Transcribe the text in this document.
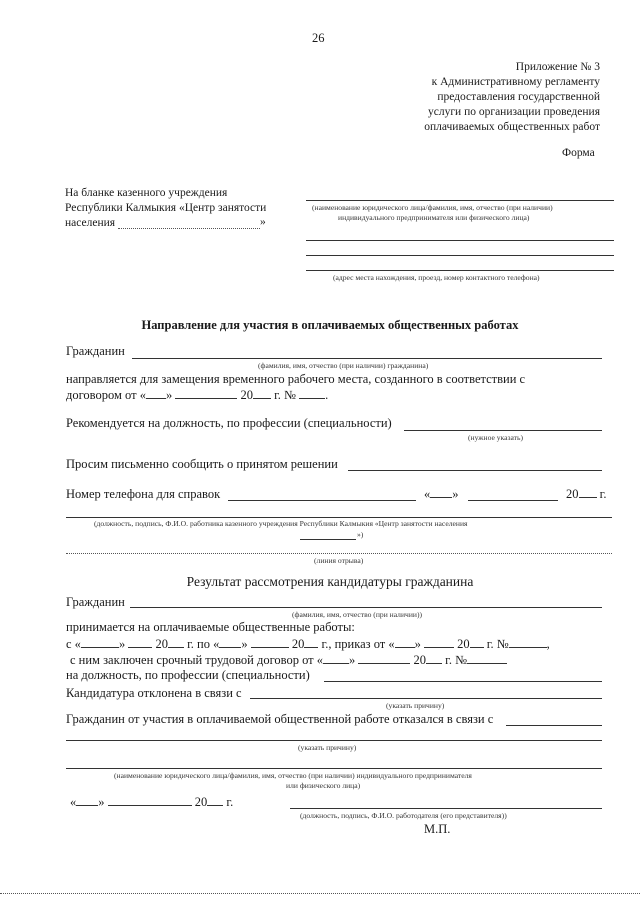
26
Приложение № 3
к Административному регламенту
предоставления государственной
услуги по организации проведения
оплачиваемых общественных работ
Форма
На бланке казенного учреждения
Республики Калмыкия «Центр занятости
населения	»
(наименование юридического лица/фамилия, имя, отчество (при наличии)
индивидуального предпринимателя или физического лица)
(адрес места нахождения, проезд, номер контактного телефона)
Направление для участия в оплачиваемых общественных работах
Гражданин
(фамилия, имя, отчество (при наличии) гражданина)
направляется для замещения временного рабочего места, созданного в соответствии с
договором от « »	20 г. № .
Рекомендуется на должность, по профессии (специальности)
(нужное указать)
Просим письменно сообщить о принятом решении
Номер телефона для справок	« »	20 г.
(должность, подпись, Ф.И.О. работника казенного учреждения Республики Калмыкия «Центр занятости населения
»)
(линия отрыва)
Результат рассмотрения кандидатуры гражданина
Гражданин
(фамилия, имя, отчество (при наличии))
принимается на оплачиваемые общественные работы:
с «	» 20 г. по « »	20 г., приказ от « »	20 г. №	,
с ним заключен срочный трудовой договор от « »	20 г. №
на должность, по профессии (специальности)
Кандидатура отклонена в связи с
(указать причину)
Гражданин от участия в оплачиваемой общественной работе отказался в связи с
(указать причину)
(наименование юридического лица/фамилия, имя, отчество (при наличии) индивидуального предпринимателя
или физического лица)
« »	20 г.
(должность, подпись, Ф.И.О. работодателя (его представителя))
М.П.
